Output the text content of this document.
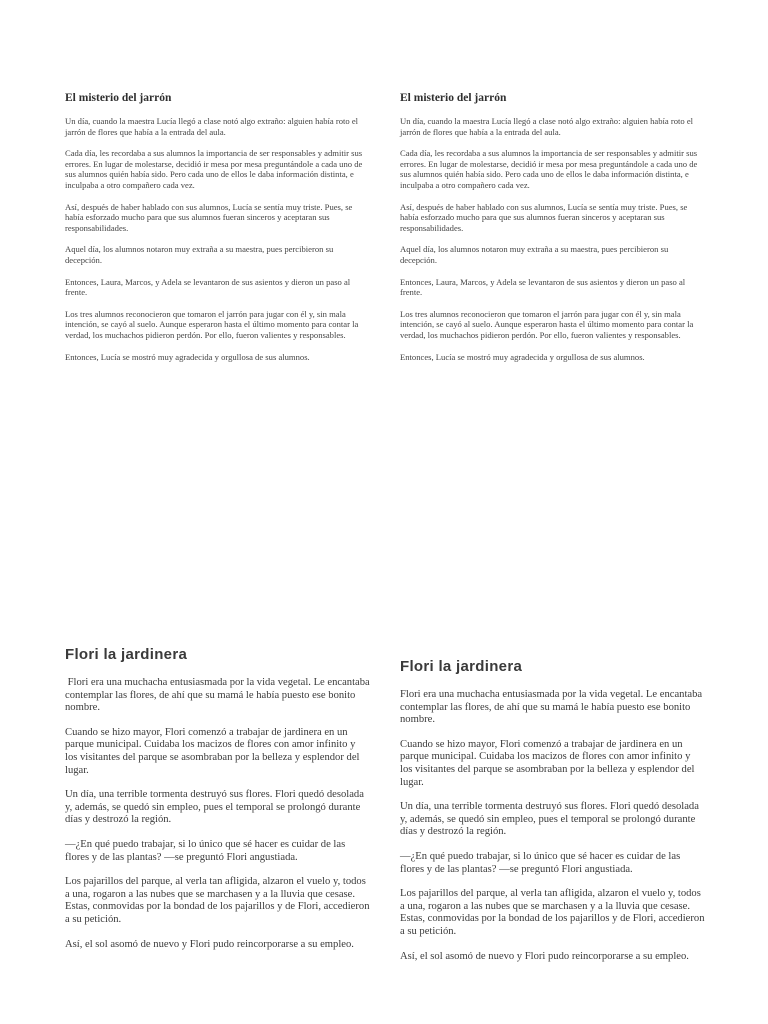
El misterio del jarrón

Un día, cuando la maestra Lucía llegó a clase notó algo extraño: alguien había roto el jarrón de flores que había a la entrada del aula.

Cada día, les recordaba a sus alumnos la importancia de ser responsables y admitir sus errores. En lugar de molestarse, decidió ir mesa por mesa preguntándole a cada uno de sus alumnos quién había sido. Pero cada uno de ellos le daba información distinta, e inculpaba a otro compañero cada vez.

Así, después de haber hablado con sus alumnos, Lucía se sentía muy triste. Pues, se había esforzado mucho para que sus alumnos fueran sinceros y aceptaran sus responsabilidades.

Aquel día, los alumnos notaron muy extraña a su maestra, pues percibieron su decepción.

Entonces, Laura, Marcos, y Adela se levantaron de sus asientos y dieron un paso al frente.

Los tres alumnos reconocieron que tomaron el jarrón para jugar con él y, sin mala intención, se cayó al suelo. Aunque esperaron hasta el último momento para contar la verdad, los muchachos pidieron perdón. Por ello, fueron valientes y responsables.

Entonces, Lucía se mostró muy agradecida y orgullosa de sus alumnos.

El misterio del jarrón

Un día, cuando la maestra Lucía llegó a clase notó algo extraño: alguien había roto el jarrón de flores que había a la entrada del aula.

Cada día, les recordaba a sus alumnos la importancia de ser responsables y admitir sus errores. En lugar de molestarse, decidió ir mesa por mesa preguntándole a cada uno de sus alumnos quién había sido. Pero cada uno de ellos le daba información distinta, e inculpaba a otro compañero cada vez.

Así, después de haber hablado con sus alumnos, Lucía se sentía muy triste. Pues, se había esforzado mucho para que sus alumnos fueran sinceros y aceptaran sus responsabilidades.

Aquel día, los alumnos notaron muy extraña a su maestra, pues percibieron su decepción.

Entonces, Laura, Marcos, y Adela se levantaron de sus asientos y dieron un paso al frente.

Los tres alumnos reconocieron que tomaron el jarrón para jugar con él y, sin mala intención, se cayó al suelo. Aunque esperaron hasta el último momento para contar la verdad, los muchachos pidieron perdón. Por ello, fueron valientes y responsables.

Entonces, Lucía se mostró muy agradecida y orgullosa de sus alumnos.

Flori la jardinera

Flori era una muchacha entusiasmada por la vida vegetal. Le encantaba contemplar las flores, de ahí que su mamá le había puesto ese bonito nombre.

Cuando se hizo mayor, Flori comenzó a trabajar de jardinera en un parque municipal. Cuidaba los macizos de flores con amor infinito y los visitantes del parque se asombraban por la belleza y esplendor del lugar.

Un día, una terrible tormenta destruyó sus flores. Flori quedó desolada y, además, se quedó sin empleo, pues el temporal se prolongó durante días y destrozó la región.

—¿En qué puedo trabajar, si lo único que sé hacer es cuidar de las flores y de las plantas? —se preguntó Flori angustiada.

Los pajarillos del parque, al verla tan afligida, alzaron el vuelo y, todos a una, rogaron a las nubes que se marchasen y a la lluvia que cesase. Estas, conmovidas por la bondad de los pajarillos y de Flori, accedieron a su petición.

Así, el sol asomó de nuevo y Flori pudo reincorporarse a su empleo.

Flori la jardinera

Flori era una muchacha entusiasmada por la vida vegetal. Le encantaba contemplar las flores, de ahí que su mamá le había puesto ese bonito nombre.

Cuando se hizo mayor, Flori comenzó a trabajar de jardinera en un parque municipal. Cuidaba los macizos de flores con amor infinito y los visitantes del parque se asombraban por la belleza y esplendor del lugar.

Un día, una terrible tormenta destruyó sus flores. Flori quedó desolada y, además, se quedó sin empleo, pues el temporal se prolongó durante días y destrozó la región.

—¿En qué puedo trabajar, si lo único que sé hacer es cuidar de las flores y de las plantas? —se preguntó Flori angustiada.

Los pajarillos del parque, al verla tan afligida, alzaron el vuelo y, todos a una, rogaron a las nubes que se marchasen y a la lluvia que cesase. Estas, conmovidas por la bondad de los pajarillos y de Flori, accedieron a su petición.

Así, el sol asomó de nuevo y Flori pudo reincorporarse a su empleo.
